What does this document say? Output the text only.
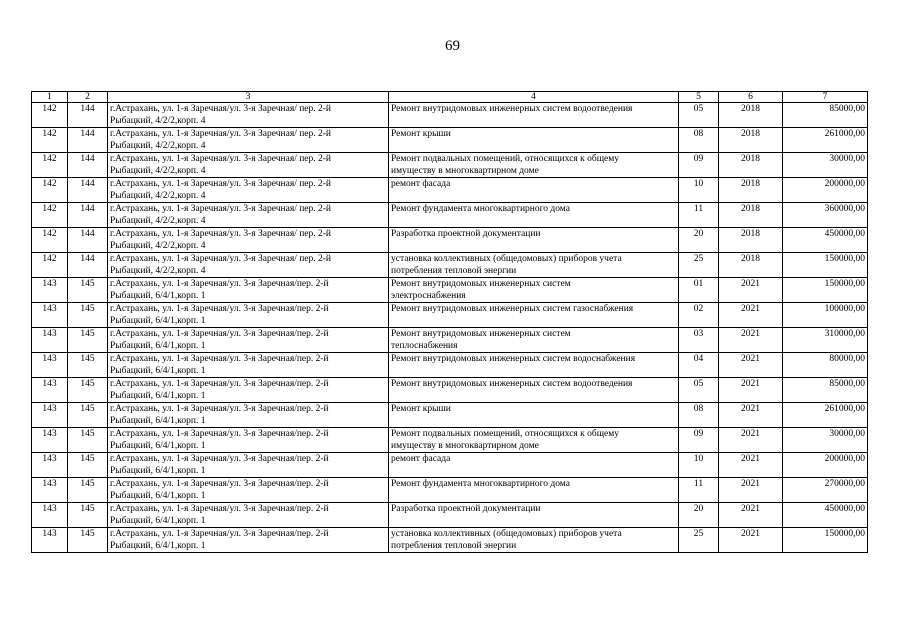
69
1	2	3	4	5	6	7
142	144	г.Астрахань, ул. 1-я Заречная/ул. 3-я Заречная/ пер. 2-й
Рыбацкий, 4/2/2,корп. 4	Ремонт внутридомовых инженерных систем водоотведения	05	2018	85000,00
142	144	г.Астрахань, ул. 1-я Заречная/ул. 3-я Заречная/ пер. 2-й
Рыбацкий, 4/2/2,корп. 4	Ремонт крыши	08	2018	261000,00
142	144	г.Астрахань, ул. 1-я Заречная/ул. 3-я Заречная/ пер. 2-й
Рыбацкий, 4/2/2,корп. 4	Ремонт подвальных помещений, относящихся к общему
имуществу в многоквартирном доме	09	2018	30000,00
142	144	г.Астрахань, ул. 1-я Заречная/ул. 3-я Заречная/ пер. 2-й
Рыбацкий, 4/2/2,корп. 4	ремонт фасада	10	2018	200000,00
142	144	г.Астрахань, ул. 1-я Заречная/ул. 3-я Заречная/ пер. 2-й
Рыбацкий, 4/2/2,корп. 4	Ремонт фундамента многоквартирного дома	11	2018	360000,00
142	144	г.Астрахань, ул. 1-я Заречная/ул. 3-я Заречная/ пер. 2-й
Рыбацкий, 4/2/2,корп. 4	Разработка проектной документации	20	2018	450000,00
142	144	г.Астрахань, ул. 1-я Заречная/ул. 3-я Заречная/ пер. 2-й
Рыбацкий, 4/2/2,корп. 4	установка коллективных (общедомовых) приборов учета
потребления тепловой энергии	25	2018	150000,00
143	145	г.Астрахань, ул. 1-я Заречная/ул. 3-я Заречная/пер. 2-й
Рыбацкий, 6/4/1,корп. 1	Ремонт внутридомовых инженерных систем
электроснабжения	01	2021	150000,00
143	145	г.Астрахань, ул. 1-я Заречная/ул. 3-я Заречная/пер. 2-й
Рыбацкий, 6/4/1,корп. 1	Ремонт внутридомовых инженерных систем газоснабжения	02	2021	100000,00
143	145	г.Астрахань, ул. 1-я Заречная/ул. 3-я Заречная/пер. 2-й
Рыбацкий, 6/4/1,корп. 1	Ремонт внутридомовых инженерных систем
теплоснабжения	03	2021	310000,00
143	145	г.Астрахань, ул. 1-я Заречная/ул. 3-я Заречная/пер. 2-й
Рыбацкий, 6/4/1,корп. 1	Ремонт внутридомовых инженерных систем водоснабжения	04	2021	80000,00
143	145	г.Астрахань, ул. 1-я Заречная/ул. 3-я Заречная/пер. 2-й
Рыбацкий, 6/4/1,корп. 1	Ремонт внутридомовых инженерных систем водоотведения	05	2021	85000,00
143	145	г.Астрахань, ул. 1-я Заречная/ул. 3-я Заречная/пер. 2-й
Рыбацкий, 6/4/1,корп. 1	Ремонт крыши	08	2021	261000,00
143	145	г.Астрахань, ул. 1-я Заречная/ул. 3-я Заречная/пер. 2-й
Рыбацкий, 6/4/1,корп. 1	Ремонт подвальных помещений, относящихся к общему
имуществу в многоквартирном доме	09	2021	30000,00
143	145	г.Астрахань, ул. 1-я Заречная/ул. 3-я Заречная/пер. 2-й
Рыбацкий, 6/4/1,корп. 1	ремонт фасада	10	2021	200000,00
143	145	г.Астрахань, ул. 1-я Заречная/ул. 3-я Заречная/пер. 2-й
Рыбацкий, 6/4/1,корп. 1	Ремонт фундамента многоквартирного дома	11	2021	270000,00
143	145	г.Астрахань, ул. 1-я Заречная/ул. 3-я Заречная/пер. 2-й
Рыбацкий, 6/4/1,корп. 1	Разработка проектной документации	20	2021	450000,00
143	145	г.Астрахань, ул. 1-я Заречная/ул. 3-я Заречная/пер. 2-й
Рыбацкий, 6/4/1,корп. 1	установка коллективных (общедомовых) приборов учета
потребления тепловой энергии	25	2021	150000,00
